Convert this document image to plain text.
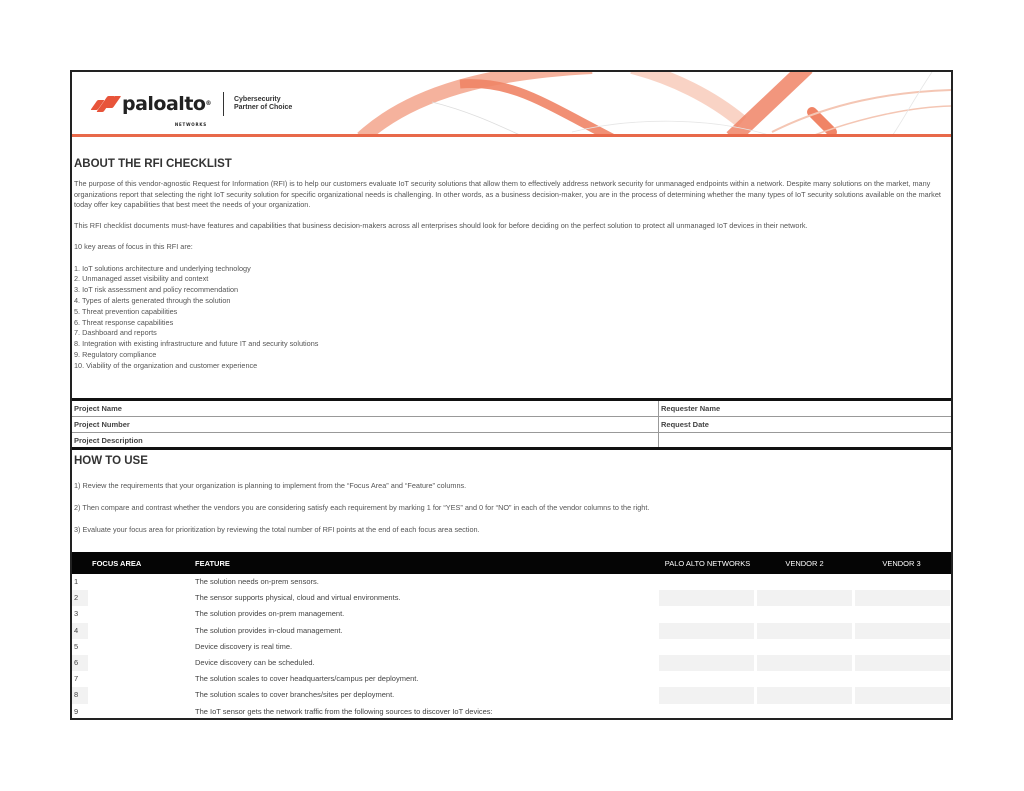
paloalto®
NETWORKS
Cybersecurity
Partner of Choice
ABOUT THE RFI CHECKLIST

The purpose of this vendor-agnostic Request for Information (RFI) is to help our customers evaluate IoT security solutions that allow them to effectively address network security for unmanaged endpoints within a network. Despite many solutions on the market, many organizations report that selecting the right IoT security solution for specific organizational needs is challenging. In other words, as a business decision-maker, you are in the process of determining whether the many types of IoT security solutions available on the market today offer key capabilities that best meet the needs of your organization.

This RFI checklist documents must-have features and capabilities that business decision-makers across all enterprises should look for before deciding on the perfect solution to protect all unmanaged IoT devices in their network.

10 key areas of focus in this RFI are:

1. IoT solutions architecture and underlying technology
2. Unmanaged asset visibility and context
3. IoT risk assessment and policy recommendation
4. Types of alerts generated through the solution
5. Threat prevention capabilities
6. Threat response capabilities
7. Dashboard and reports
8. Integration with existing infrastructure and future IT and security solutions
9. Regulatory compliance
10. Viability of the organization and customer experience
Project Name	Requester Name
Project Number	Request Date
Project Description
HOW TO USE

1) Review the requirements that your organization is planning to implement from the “Focus Area” and “Feature” columns.

2) Then compare and contrast whether the vendors you are considering satisfy each requirement by marking 1 for “YES” and 0 for “NO” in each of the vendor columns to the right.

3) Evaluate your focus area for prioritization by reviewing the total number of RFI points at the end of each focus area section.

FOCUS AREA	FEATURE	PALO ALTO NETWORKS	VENDOR 2	VENDOR 3
1	The solution needs on-prem sensors.
2	The sensor supports physical, cloud and virtual environments.
3	The solution provides on-prem management.
4	The solution provides in-cloud management.
5	Device discovery is real time.
6	Device discovery can be scheduled.
7	The solution scales to cover headquarters/campus per deployment.
8	The solution scales to cover branches/sites per deployment.
9	The IoT sensor gets the network traffic from the following sources to discover IoT devices:
